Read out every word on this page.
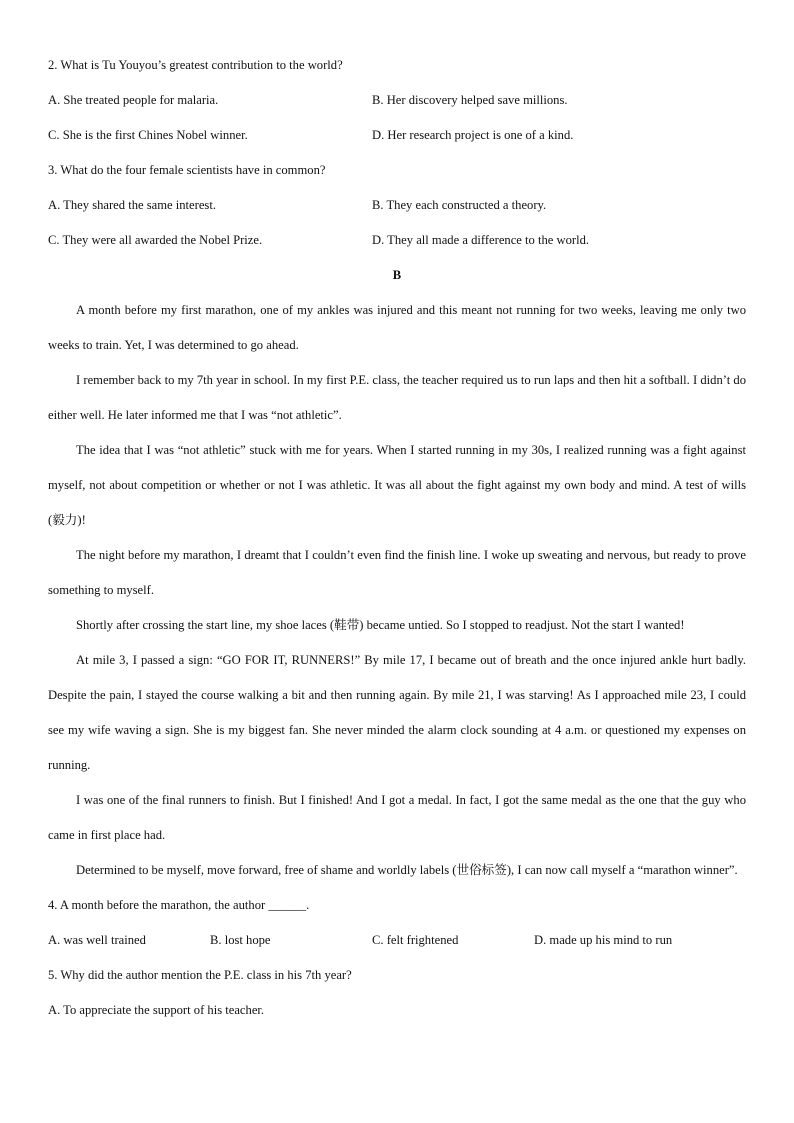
2. What is Tu Youyou’s greatest contribution to the world?
A. She treated people for malaria.	B. Her discovery helped save millions.
C. She is the first Chines Nobel winner.	D. Her research project is one of a kind.
3. What do the four female scientists have in common?
A. They shared the same interest.	B. They each constructed a theory.
C. They were all awarded the Nobel Prize.	D. They all made a difference to the world.
B

A month before my first marathon, one of my ankles was injured and this meant not running for two weeks, leaving me only two weeks to train. Yet, I was determined to go ahead.

I remember back to my 7th year in school. In my first P.E. class, the teacher required us to run laps and then hit a softball. I didn’t do either well. He later informed me that I was “not athletic”.

The idea that I was “not athletic” stuck with me for years. When I started running in my 30s, I realized running was a fight against myself, not about competition or whether or not I was athletic. It was all about the fight against my own body and mind. A test of wills (毅力)!

The night before my marathon, I dreamt that I couldn’t even find the finish line. I woke up sweating and nervous, but ready to prove something to myself.

Shortly after crossing the start line, my shoe laces (鞋带) became untied. So I stopped to readjust. Not the start I wanted!

At mile 3, I passed a sign: “GO FOR IT, RUNNERS!” By mile 17, I became out of breath and the once injured ankle hurt badly. Despite the pain, I stayed the course walking a bit and then running again. By mile 21, I was starving! As I approached mile 23, I could see my wife waving a sign. She is my biggest fan. She never minded the alarm clock sounding at 4 a.m. or questioned my expenses on running.

I was one of the final runners to finish. But I finished! And I got a medal. In fact, I got the same medal as the one that the guy who came in first place had.

Determined to be myself, move forward, free of shame and worldly labels (世俗标签), I can now call myself a “marathon winner”.

4. A month before the marathon, the author ______.
A. was well trained	B. lost hope	C. felt frightened	D. made up his mind to run
5. Why did the author mention the P.E. class in his 7th year?
A. To appreciate the support of his teacher.
